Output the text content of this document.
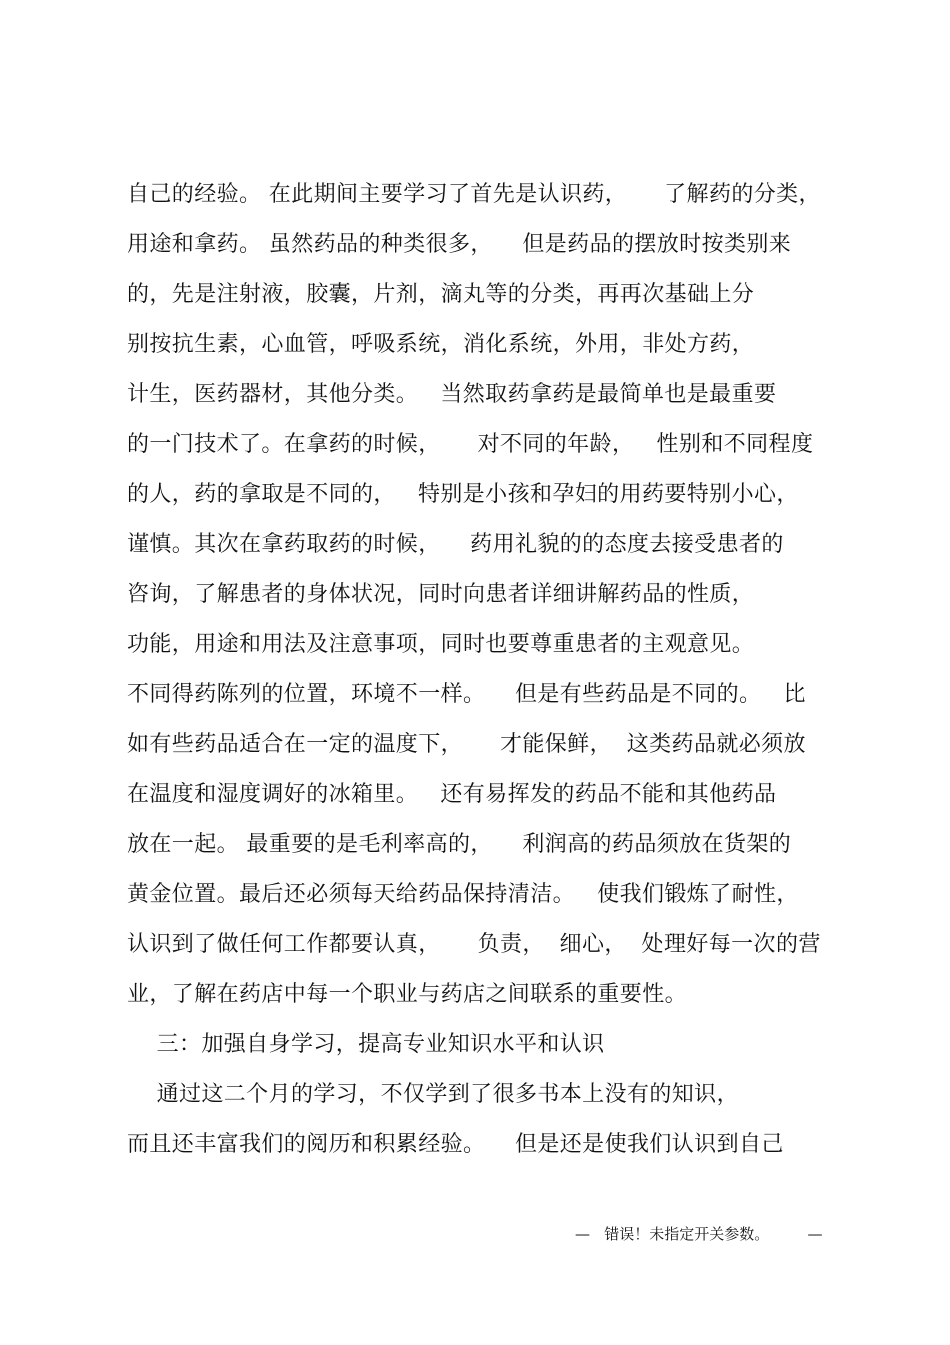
自己的经验。 在此期间主要学习了首先是认识药，     了解药的分类，
用途和拿药。 虽然药品的种类很多，    但是药品的摆放时按类别来
的，先是注射液，胶囊，片剂，滴丸等的分类，再再次基础上分
别按抗生素，心血管，呼吸系统，消化系统，外用，非处方药，
计生，医药器材，其他分类。   当然取药拿药是最简单也是最重要
的一门技术了。在拿药的时候，     对不同的年龄，   性别和不同程度
的人，药的拿取是不同的，   特别是小孩和孕妇的用药要特别小心，
谨慎。其次在拿药取药的时候，    药用礼貌的的态度去接受患者的
咨询，了解患者的身体状况，同时向患者详细讲解药品的性质，
功能，用途和用法及注意事项，同时也要尊重患者的主观意见。
不同得药陈列的位置，环境不一样。    但是有些药品是不同的。   比
如有些药品适合在一定的温度下，     才能保鲜，  这类药品就必须放
在温度和湿度调好的冰箱里。   还有易挥发的药品不能和其他药品
放在一起。 最重要的是毛利率高的，    利润高的药品须放在货架的
黄金位置。最后还必须每天给药品保持清洁。   使我们锻炼了耐性，
认识到了做任何工作都要认真，     负责，  细心，  处理好每一次的营
业，了解在药店中每一个职业与药店之间联系的重要性。
三：加强自身学习，提高专业知识水平和认识
通过这二个月的学习，不仅学到了很多书本上没有的知识，
而且还丰富我们的阅历和积累经验。    但是还是使我们认识到自己
—   错误！未指定开关参数。        —
